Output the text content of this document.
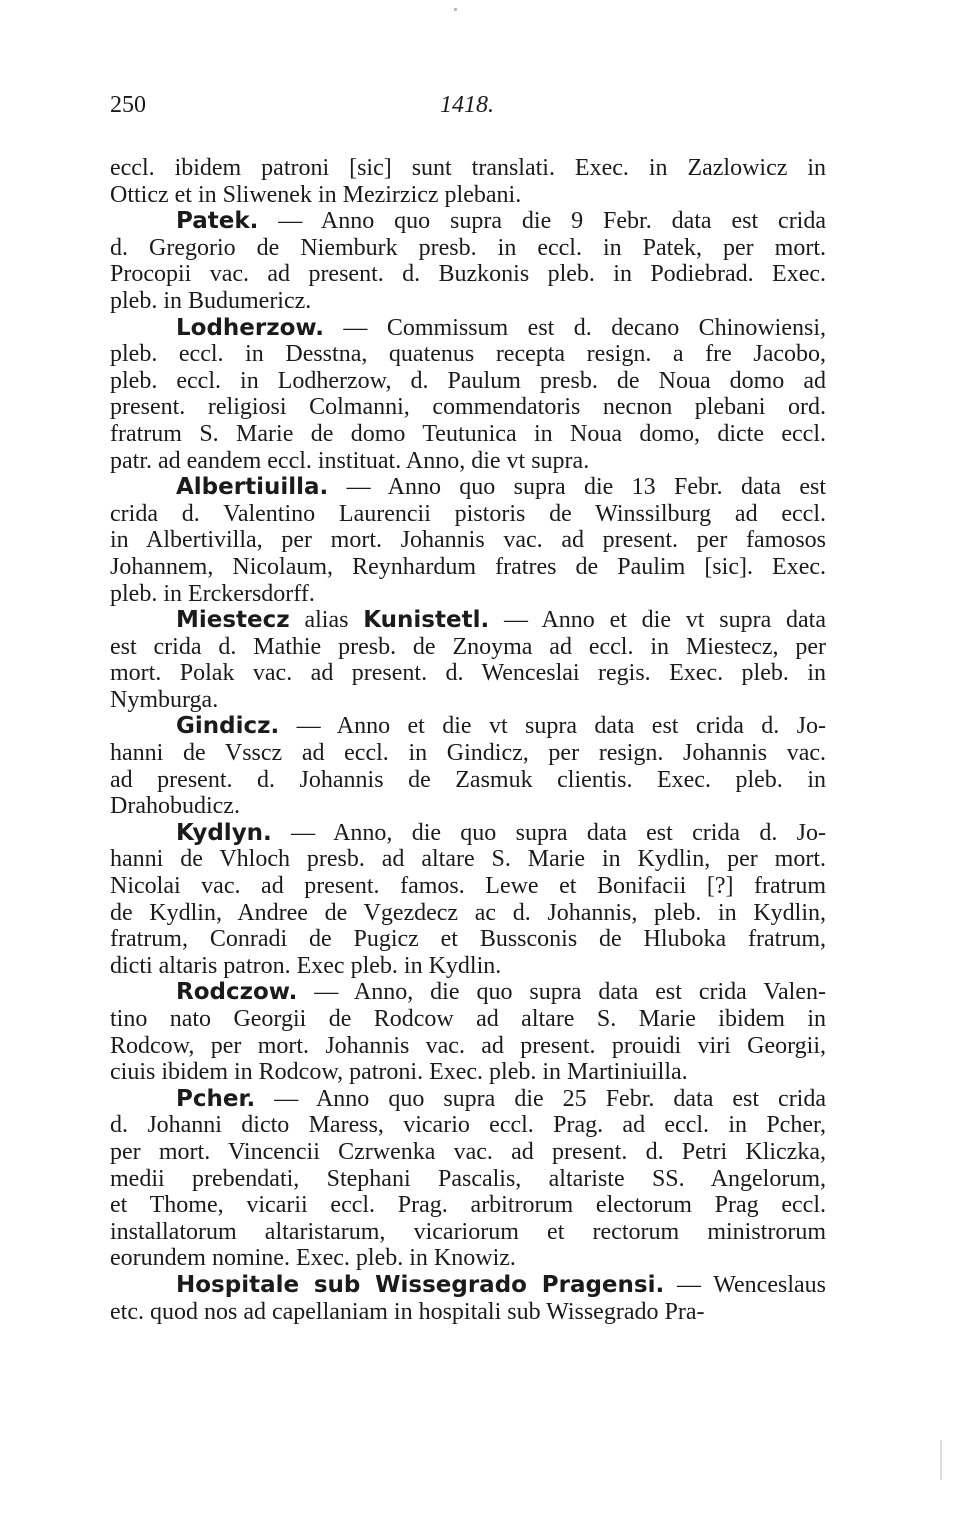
250	1418.
eccl. ibidem patroni [sic] sunt translati. Exec. in Zazlowicz in
Otticz et in Sliwenek in Mezirzicz plebani.
Patek. — Anno quo supra die 9 Febr. data est crida
d. Gregorio de Niemburk presb. in eccl. in Patek, per mort.
Procopii vac. ad present. d. Buzkonis pleb. in Podiebrad. Exec.
pleb. in Budumericz.
Lodherzow. — Commissum est d. decano Chinowiensi,
pleb. eccl. in Desstna, quatenus recepta resign. a fre Jacobo,
pleb. eccl. in Lodherzow, d. Paulum presb. de Noua domo ad
present. religiosi Colmanni, commendatoris necnon plebani ord.
fratrum S. Marie de domo Teutunica in Noua domo, dicte eccl.
patr. ad eandem eccl. instituat. Anno, die vt supra.
Albertiuilla. — Anno quo supra die 13 Febr. data est
crida d. Valentino Laurencii pistoris de Winssilburg ad eccl.
in Albertivilla, per mort. Johannis vac. ad present. per famosos
Johannem, Nicolaum, Reynhardum fratres de Paulim [sic]. Exec.
pleb. in Erckersdorff.
Miestecz alias Kunistetl. — Anno et die vt supra data
est crida d. Mathie presb. de Znoyma ad eccl. in Miestecz, per
mort. Polak vac. ad present. d. Wenceslai regis. Exec. pleb. in
Nymburga.
Gindicz. — Anno et die vt supra data est crida d. Jo-
hanni de Vsscz ad eccl. in Gindicz, per resign. Johannis vac.
ad present. d. Johannis de Zasmuk clientis. Exec. pleb. in
Drahobudicz.
Kydlyn. — Anno, die quo supra data est crida d. Jo-
hanni de Vhloch presb. ad altare S. Marie in Kydlin, per mort.
Nicolai vac. ad present. famos. Lewe et Bonifacii [?] fratrum
de Kydlin, Andree de Vgezdecz ac d. Johannis, pleb. in Kydlin,
fratrum, Conradi de Pugicz et Bussconis de Hluboka fratrum,
dicti altaris patron. Exec pleb. in Kydlin.
Rodczow. — Anno, die quo supra data est crida Valen-
tino nato Georgii de Rodcow ad altare S. Marie ibidem in
Rodcow, per mort. Johannis vac. ad present. prouidi viri Georgii,
ciuis ibidem in Rodcow, patroni. Exec. pleb. in Martiniuilla.
Pcher. — Anno quo supra die 25 Febr. data est crida
d. Johanni dicto Maress, vicario eccl. Prag. ad eccl. in Pcher,
per mort. Vincencii Czrwenka vac. ad present. d. Petri Kliczka,
medii prebendati, Stephani Pascalis, altariste SS. Angelorum,
et Thome, vicarii eccl. Prag. arbitrorum electorum Prag eccl.
installatorum altaristarum, vicariorum et rectorum ministrorum
eorundem nomine. Exec. pleb. in Knowiz.
Hospitale sub Wissegrado Pragensi. — Wenceslaus
etc. quod nos ad capellaniam in hospitali sub Wissegrado Pra-
